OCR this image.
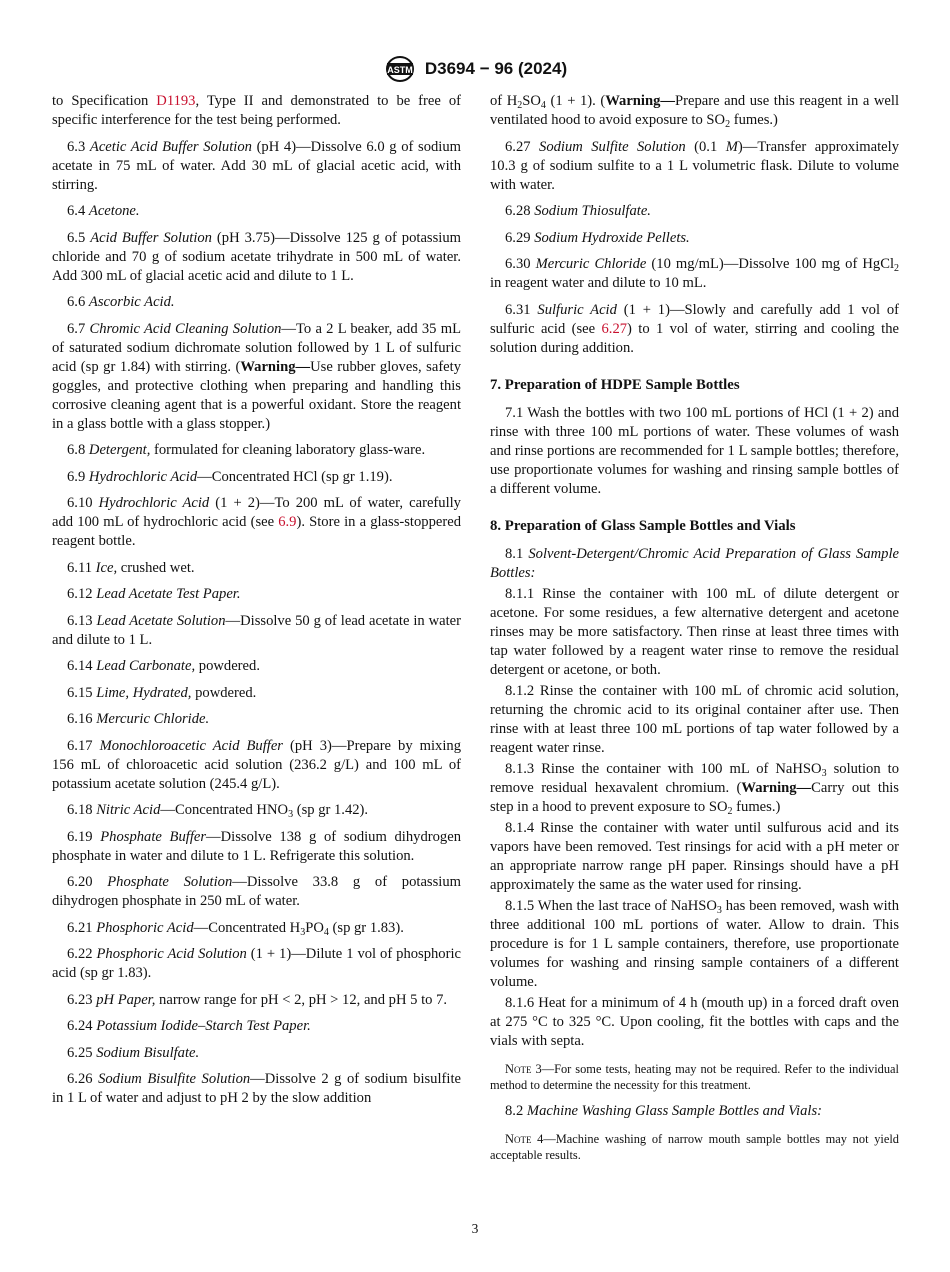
ASTM D3694 − 96 (2024)

to Specification D1193, Type II and demonstrated to be free of specific interference for the test being performed.

6.3 Acetic Acid Buffer Solution (pH 4)—Dissolve 6.0 g of sodium acetate in 75 mL of water. Add 30 mL of glacial acetic acid, with stirring.

6.4 Acetone.

6.5 Acid Buffer Solution (pH 3.75)—Dissolve 125 g of potassium chloride and 70 g of sodium acetate trihydrate in 500 mL of water. Add 300 mL of glacial acetic acid and dilute to 1 L.

6.6 Ascorbic Acid.

6.7 Chromic Acid Cleaning Solution—To a 2 L beaker, add 35 mL of saturated sodium dichromate solution followed by 1 L of sulfuric acid (sp gr 1.84) with stirring. (Warning—Use rubber gloves, safety goggles, and protective clothing when preparing and handling this corrosive cleaning agent that is a powerful oxidant. Store the reagent in a glass bottle with a glass stopper.)

6.8 Detergent, formulated for cleaning laboratory glass-ware.

6.9 Hydrochloric Acid—Concentrated HCl (sp gr 1.19).

6.10 Hydrochloric Acid (1 + 2)—To 200 mL of water, carefully add 100 mL of hydrochloric acid (see 6.9). Store in a glass-stoppered reagent bottle.

6.11 Ice, crushed wet.

6.12 Lead Acetate Test Paper.

6.13 Lead Acetate Solution—Dissolve 50 g of lead acetate in water and dilute to 1 L.

6.14 Lead Carbonate, powdered.

6.15 Lime, Hydrated, powdered.

6.16 Mercuric Chloride.

6.17 Monochloroacetic Acid Buffer (pH 3)—Prepare by mixing 156 mL of chloroacetic acid solution (236.2 g/L) and 100 mL of potassium acetate solution (245.4 g/L).

6.18 Nitric Acid—Concentrated $HNO_3$ (sp gr 1.42).

6.19 Phosphate Buffer—Dissolve 138 g of sodium dihydrogen phosphate in water and dilute to 1 L. Refrigerate this solution.

6.20 Phosphate Solution—Dissolve 33.8 g of potassium dihydrogen phosphate in 250 mL of water.

6.21 Phosphoric Acid—Concentrated $H_3PO_4$ (sp gr 1.83).

6.22 Phosphoric Acid Solution (1 + 1)—Dilute 1 vol of phosphoric acid (sp gr 1.83).

6.23 pH Paper, narrow range for pH < 2, pH > 12, and pH 5 to 7.

6.24 Potassium Iodide–Starch Test Paper.

6.25 Sodium Bisulfate.

6.26 Sodium Bisulfite Solution—Dissolve 2 g of sodium bisulfite in 1 L of water and adjust to pH 2 by the slow addition

of $H_2SO_4$ (1 + 1). (Warning—Prepare and use this reagent in a well ventilated hood to avoid exposure to $SO_2$ fumes.)

6.27 Sodium Sulfite Solution (0.1 M)—Transfer approximately 10.3 g of sodium sulfite to a 1 L volumetric flask. Dilute to volume with water.

6.28 Sodium Thiosulfate.

6.29 Sodium Hydroxide Pellets.

6.30 Mercuric Chloride (10 mg/mL)—Dissolve 100 mg of HgCl$_2$ in reagent water and dilute to 10 mL.

6.31 Sulfuric Acid (1 + 1)—Slowly and carefully add 1 vol of sulfuric acid (see 6.27) to 1 vol of water, stirring and cooling the solution during addition.

7. Preparation of HDPE Sample Bottles

7.1 Wash the bottles with two 100 mL portions of HCl (1 + 2) and rinse with three 100 mL portions of water. These volumes of wash and rinse portions are recommended for 1 L sample bottles; therefore, use proportionate volumes for washing and rinsing sample bottles of a different volume.

8. Preparation of Glass Sample Bottles and Vials

8.1 Solvent-Detergent/Chromic Acid Preparation of Glass Sample Bottles:

8.1.1 Rinse the container with 100 mL of dilute detergent or acetone. For some residues, a few alternative detergent and acetone rinses may be more satisfactory. Then rinse at least three times with tap water followed by a reagent water rinse to remove the residual detergent or acetone, or both.

8.1.2 Rinse the container with 100 mL of chromic acid solution, returning the chromic acid to its original container after use. Then rinse with at least three 100 mL portions of tap water followed by a reagent water rinse.

8.1.3 Rinse the container with 100 mL of NaHSO$_3$ solution to remove residual hexavalent chromium. (Warning—Carry out this step in a hood to prevent exposure to $SO_2$ fumes.)

8.1.4 Rinse the container with water until sulfurous acid and its vapors have been removed. Test rinsings for acid with a pH meter or an appropriate narrow range pH paper. Rinsings should have a pH approximately the same as the water used for rinsing.

8.1.5 When the last trace of NaHSO$_3$ has been removed, wash with three additional 100 mL portions of water. Allow to drain. This procedure is for 1 L sample containers, therefore, use proportionate volumes for washing and rinsing sample containers of a different volume.

8.1.6 Heat for a minimum of 4 h (mouth up) in a forced draft oven at 275 °C to 325 °C. Upon cooling, fit the bottles with caps and the vials with septa.

Note 3—For some tests, heating may not be required. Refer to the individual method to determine the necessity for this treatment.

8.2 Machine Washing Glass Sample Bottles and Vials:

Note 4—Machine washing of narrow mouth sample bottles may not yield acceptable results.

3
